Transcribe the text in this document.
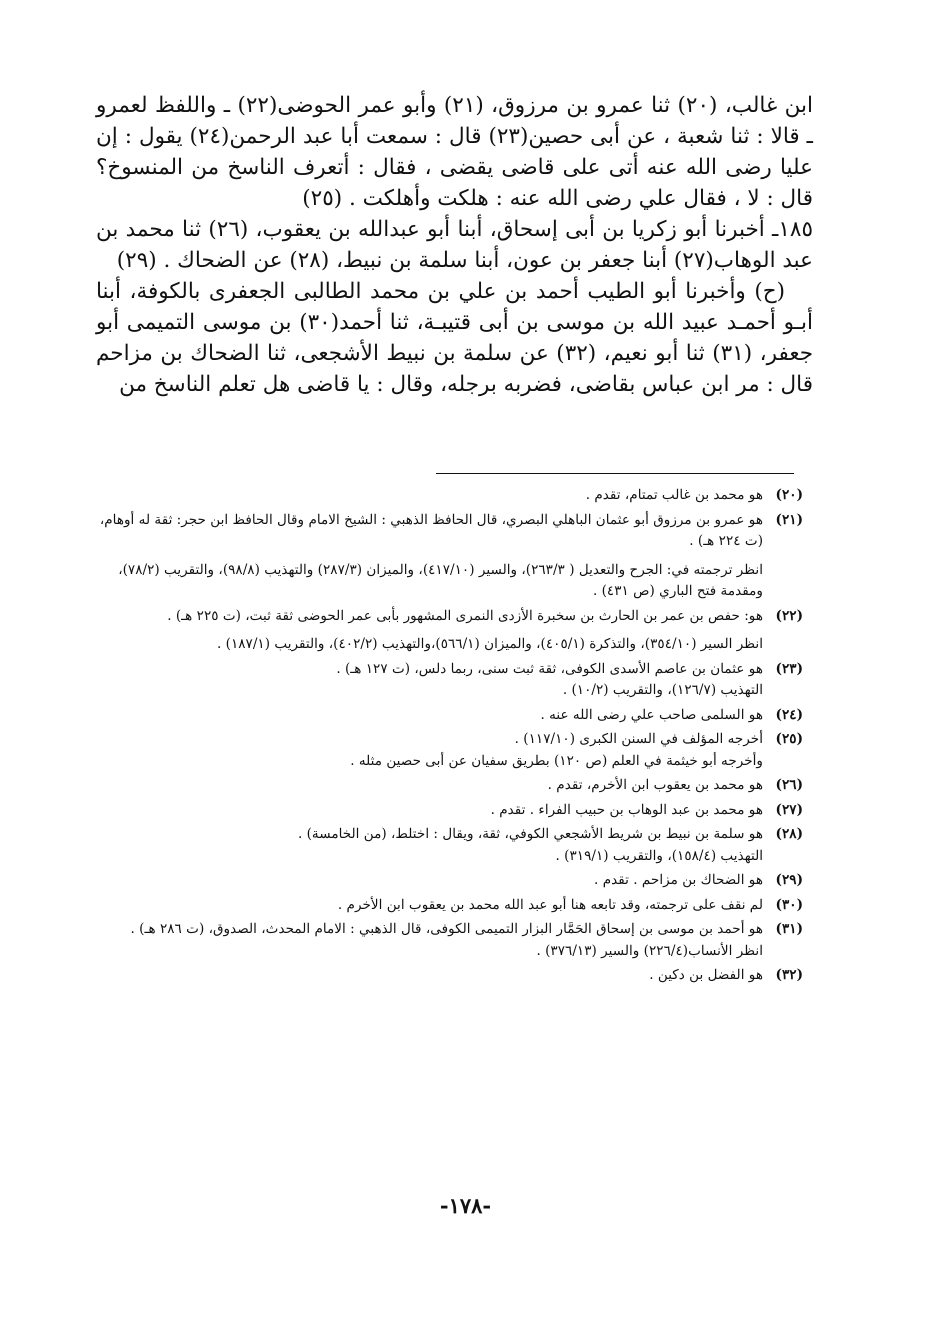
ابن غالب، (٢٠) ثنا عمرو بن مرزوق، (٢١) وأبو عمر الحوضى(٢٢) ـ واللفظ لعمرو ـ قالا : ثنا شعبة ، عن أبى حصين(٢٣) قال : سمعت أبا عبد الرحمن(٢٤) يقول : إن عليا رضى الله عنه أتى على قاضى يقضى ، فقال : أتعرف الناسخ من المنسوخ؟ قال : لا ، فقال علي رضى الله عنه : هلكت وأهلكت . (٢٥)

١٨٥ـ أخبرنا أبو زكريا بن أبى إسحاق، أبنا أبو عبدالله بن يعقوب، (٢٦) ثنا محمد بن عبد الوهاب(٢٧) أبنا جعفر بن عون، أبنا سلمة بن نبيط، (٢٨) عن الضحاك . (٢٩)

(ح) وأخبرنا أبو الطيب أحمد بن علي بن محمد الطالبى الجعفرى بالكوفة، أبنا أبـو أحمـد عبيد الله بن موسى بن أبى قتيبـة، ثنا أحمد(٣٠) بن موسى التميمى أبو جعفر، (٣١) ثنا أبو نعيم، (٣٢) عن سلمة بن نبيط الأشجعى، ثنا الضحاك بن مزاحم قال : مر ابن عباس بقاضى، فضربه برجله، وقال : يا قاضى هل تعلم الناسخ من

(٢٠)
هو محمد بن غالب تمتام، تقدم .
(٢١)
هو عمرو بن مرزوق أبو عثمان الباهلي البصري، قال الحافظ الذهبي : الشيخ الامام وقال الحافظ ابن حجر: ثقة له أوهام، (ت ٢٢٤ هـ) .
انظر ترجمته في: الجرح والتعديل ( ٢٦٣/٣)، والسير (٤١٧/١٠)، والميزان (٢٨٧/٣) والتهذيب (٩٨/٨)، والتقريب (٧٨/٢)، ومقدمة فتح الباري (ص ٤٣١) .
(٢٢)
هو: حفص بن عمر بن الحارث بن سخبرة الأزدى النمرى المشهور بأبى عمر الحوضى ثقة ثبت، (ت ٢٢٥ هـ) .
انظر السير (٣٥٤/١٠)، والتذكرة (٤٠٥/١)، والميزان (٥٦٦/١)،والتهذيب (٤٠٢/٢)، والتقريب (١٨٧/١) .
(٢٣)
هو عثمان بن عاصم الأسدى الكوفى، ثقة ثبت سنى، ربما دلس، (ت ١٢٧ هـ) .
التهذيب (١٢٦/٧)، والتقريب (١٠/٢) .
(٢٤)
هو السلمى صاحب علي رضى الله عنه .
(٢٥)
أخرجه المؤلف في السنن الكبرى (١١٧/١٠) .
وأخرجه أبو خيثمة في العلم (ص ١٢٠) بطريق سفيان عن أبى حصين مثله .
(٢٦)
هو محمد بن يعقوب ابن الأخرم، تقدم .
(٢٧)
هو محمد بن عبد الوهاب بن حبيب الفراء . تقدم .
(٢٨)
هو سلمة بن نبيط بن شريط الأشجعي الكوفي، ثقة، ويقال : اختلط، (من الخامسة) .
التهذيب (١٥٨/٤)، والتقريب (٣١٩/١) .
(٢٩)
هو الضحاك بن مزاحم . تقدم .
(٣٠)
لم نقف على ترجمته، وقد تابعه هنا أبو عبد الله محمد بن يعقوب ابن الأخرم .
(٣١)
هو أحمد بن موسى بن إسحاق الحَمَّار البزار التميمى الكوفى، قال الذهبي : الامام المحدث، الصدوق، (ت ٢٨٦ هـ) .
انظر الأنساب(٢٢٦/٤) والسير (٣٧٦/١٣) .
(٣٢)
هو الفضل بن دكين .
-١٧٨-
